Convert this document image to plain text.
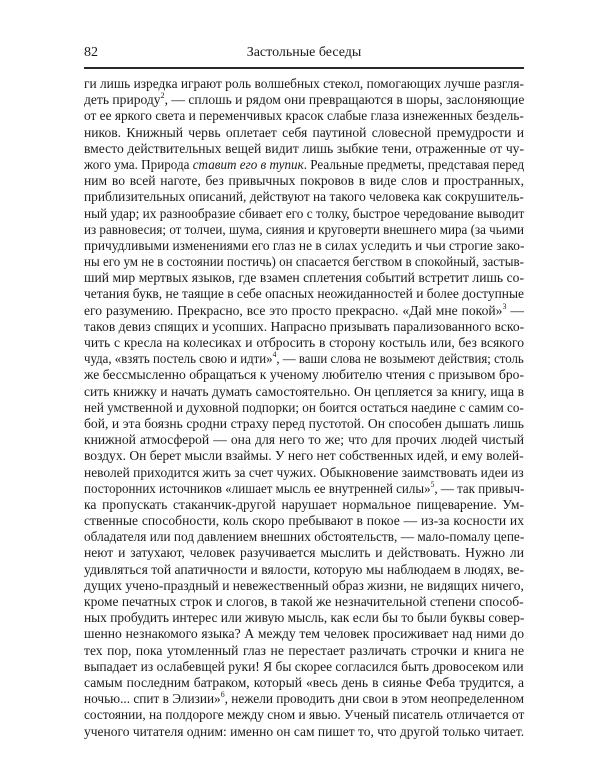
82	Застольные беседы
ги лишь изредка играют роль волшебных стекол, помогающих лучше разгля-
деть природу$^2$, — сплошь и рядом они превращаются в шоры, заслоняющие
от ее яркого света и переменчивых красок слабые глаза изнеженных бездель-
ников. Книжный червь оплетает себя паутиной словесной премудрости и
вместо действительных вещей видит лишь зыбкие тени, отраженные от чу-
жого ума. Природа ставит его в тупик. Реальные предметы, представая перед
ним во всей наготе, без привычных покровов в виде слов и пространных,
приблизительных описаний, действуют на такого человека как сокрушитель-
ный удар; их разнообразие сбивает его с толку, быстрое чередование выводит
из равновесия; от толчеи, шума, сияния и круговерти внешнего мира (за чьими
причудливыми изменениями его глаз не в силах уследить и чьи строгие зако-
ны его ум не в состоянии постичь) он спасается бегством в спокойный, застыв-
ший мир мертвых языков, где взамен сплетения событий встретит лишь со-
четания букв, не таящие в себе опасных неожиданностей и более доступные
его разумению. Прекрасно, все это просто прекрасно. «Дай мне покой»$^3$ —
таков девиз спящих и усопших. Напрасно призывать парализованного вско-
чить с кресла на колесиках и отбросить в сторону костыль или, без всякого
чуда, «взять постель свою и идти»$^4$, — ваши слова не возымеют действия; столь
же бессмысленно обращаться к ученому любителю чтения с призывом бро-
сить книжку и начать думать самостоятельно. Он цепляется за книгу, ища в
ней умственной и духовной подпорки; он боится остаться наедине с самим со-
бой, и эта боязнь сродни страху перед пустотой. Он способен дышать лишь
книжной атмосферой — она для него то же; что для прочих людей чистый
воздух. Он берет мысли взаймы. У него нет собственных идей, и ему волей-
неволей приходится жить за счет чужих. Обыкновение заимствовать идеи из
посторонних источников «лишает мысль ее внутренней силы»$^5$, — так привыч-
ка пропускать стаканчик-другой нарушает нормальное пищеварение. Ум-
ственные способности, коль скоро пребывают в покое — из-за косности их
обладателя или под давлением внешних обстоятельств, — мало-помалу цепе-
неют и затухают, человек разучивается мыслить и действовать. Нужно ли
удивляться той апатичности и вялости, которую мы наблюдаем в людях, ве-
дущих учено-праздный и невежественный образ жизни, не видящих ничего,
кроме печатных строк и слогов, в такой же незначительной степени способ-
ных пробудить интерес или живую мысль, как если бы то были буквы совер-
шенно незнакомого языка? А между тем человек просиживает над ними до
тех пор, пока утомленный глаз не перестает различать строчки и книга не
выпадает из ослабевщей руки! Я бы скорее согласился быть дровосеком или
самым последним батраком, который «весь день в сиянье Феба трудится, а
ночью... спит в Элизии»$^6$, нежели проводить дни свои в этом неопределенном
состоянии, на полдороге между сном и явью. Ученый писатель отличается от
ученого читателя одним: именно он сам пишет то, что другой только читает.
